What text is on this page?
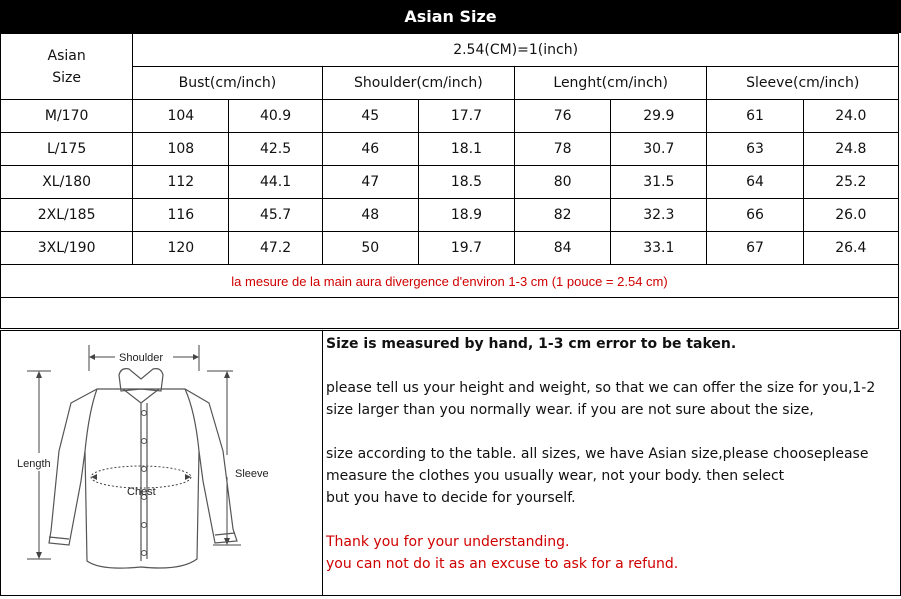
Asian Size
Asian
Size	2.54(CM)=1(inch)							
	Bust(cm/inch)		Shoulder(cm/inch)		Lenght(cm/inch)		Sleeve(cm/inch)	
M/170	104	40.9	45	17.7	76	29.9	61	24.0
L/175	108	42.5	46	18.1	78	30.7	63	24.8
XL/180	112	44.1	47	18.5	80	31.5	64	25.2
2XL/185	116	45.7	48	18.9	82	32.3	66	26.0
3XL/190	120	47.2	50	19.7	84	33.1	67	26.4
la mesure de la main aura divergence d'environ 1-3 cm (1 pouce = 2.54 cm)								

Shoulder
Length
Sleeve
Chest
Size is measured by hand, 1-3 cm error to be taken.
please tell us your height and weight, so that we can offer the size for you,1-2
size larger than you normally wear. if you are not sure about the size,
size according to the table. all sizes, we have Asian size,please chooseplease
measure the clothes you usually wear, not your body. then select
but you have to decide for yourself.
Thank you for your understanding.
you can not do it as an excuse to ask for a refund.
